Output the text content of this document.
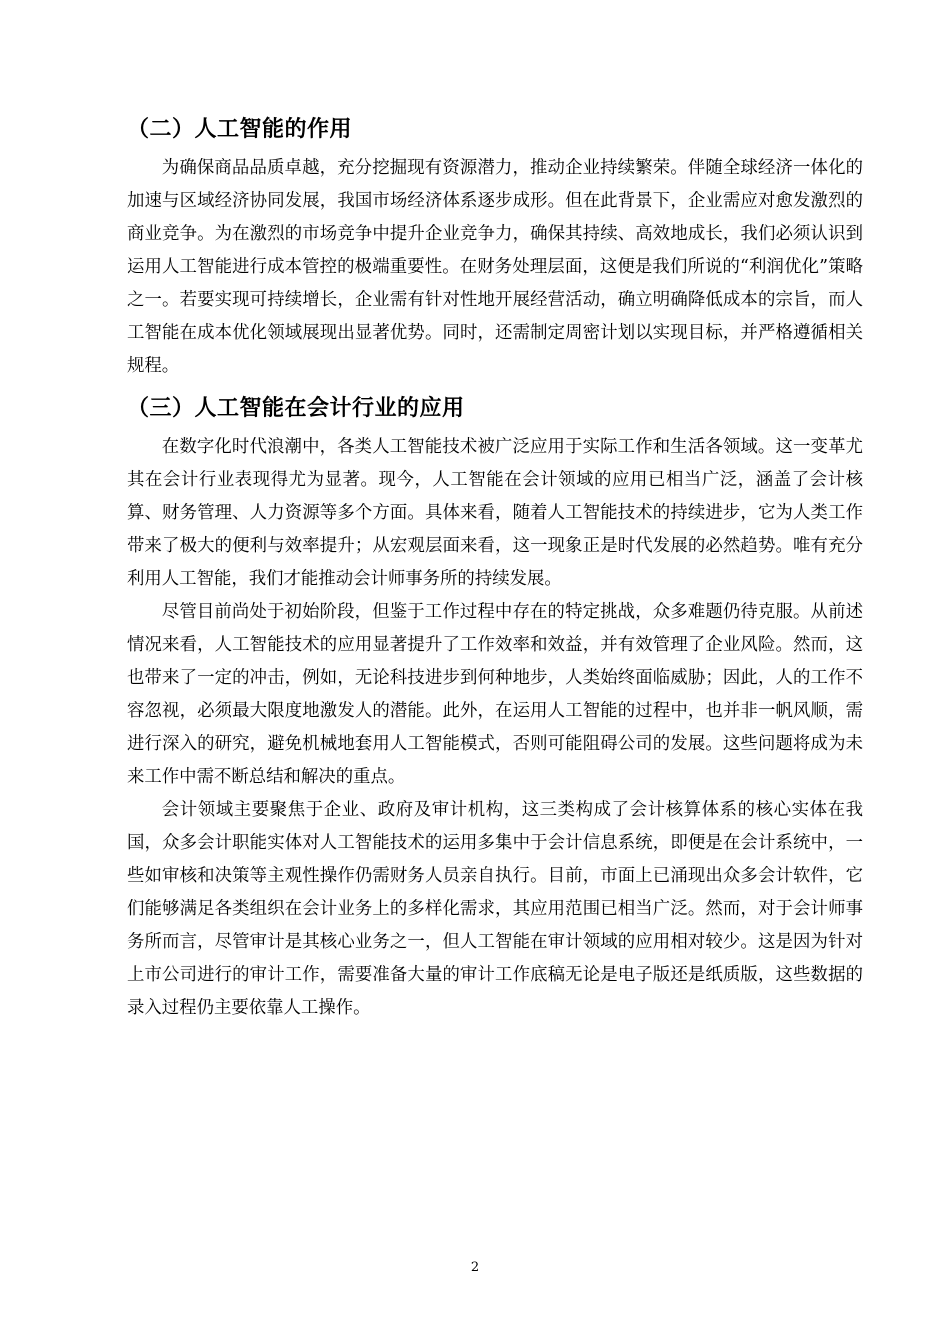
（二）人工智能的作用

为确保商品品质卓越，充分挖掘现有资源潜力，推动企业持续繁荣。伴随全球经济一体化的加速与区域经济协同发展，我国市场经济体系逐步成形。但在此背景下，企业需应对愈发激烈的商业竞争。为在激烈的市场竞争中提升企业竞争力，确保其持续、高效地成长，我们必须认识到运用人工智能进行成本管控的极端重要性。在财务处理层面，这便是我们所说的“利润优化”策略之一。若要实现可持续增长，企业需有针对性地开展经营活动，确立明确降低成本的宗旨，而人工智能在成本优化领域展现出显著优势。同时，还需制定周密计划以实现目标，并严格遵循相关规程。

（三）人工智能在会计行业的应用

在数字化时代浪潮中，各类人工智能技术被广泛应用于实际工作和生活各领域。这一变革尤其在会计行业表现得尤为显著。现今，人工智能在会计领域的应用已相当广泛，涵盖了会计核算、财务管理、人力资源等多个方面。具体来看，随着人工智能技术的持续进步，它为人类工作带来了极大的便利与效率提升；从宏观层面来看，这一现象正是时代发展的必然趋势。唯有充分利用人工智能，我们才能推动会计师事务所的持续发展。

尽管目前尚处于初始阶段，但鉴于工作过程中存在的特定挑战，众多难题仍待克服。从前述情况来看，人工智能技术的应用显著提升了工作效率和效益，并有效管理了企业风险。然而，这也带来了一定的冲击，例如，无论科技进步到何种地步，人类始终面临威胁；因此，人的工作不容忽视，必须最大限度地激发人的潜能。此外，在运用人工智能的过程中，也并非一帆风顺，需进行深入的研究，避免机械地套用人工智能模式，否则可能阻碍公司的发展。这些问题将成为未来工作中需不断总结和解决的重点。

会计领域主要聚焦于企业、政府及审计机构，这三类构成了会计核算体系的核心实体在我国，众多会计职能实体对人工智能技术的运用多集中于会计信息系统，即便是在会计系统中，一些如审核和决策等主观性操作仍需财务人员亲自执行。目前，市面上已涌现出众多会计软件，它们能够满足各类组织在会计业务上的多样化需求，其应用范围已相当广泛。然而，对于会计师事务所而言，尽管审计是其核心业务之一，但人工智能在审计领域的应用相对较少。这是因为针对上市公司进行的审计工作，需要准备大量的审计工作底稿无论是电子版还是纸质版，这些数据的录入过程仍主要依靠人工操作。

2
